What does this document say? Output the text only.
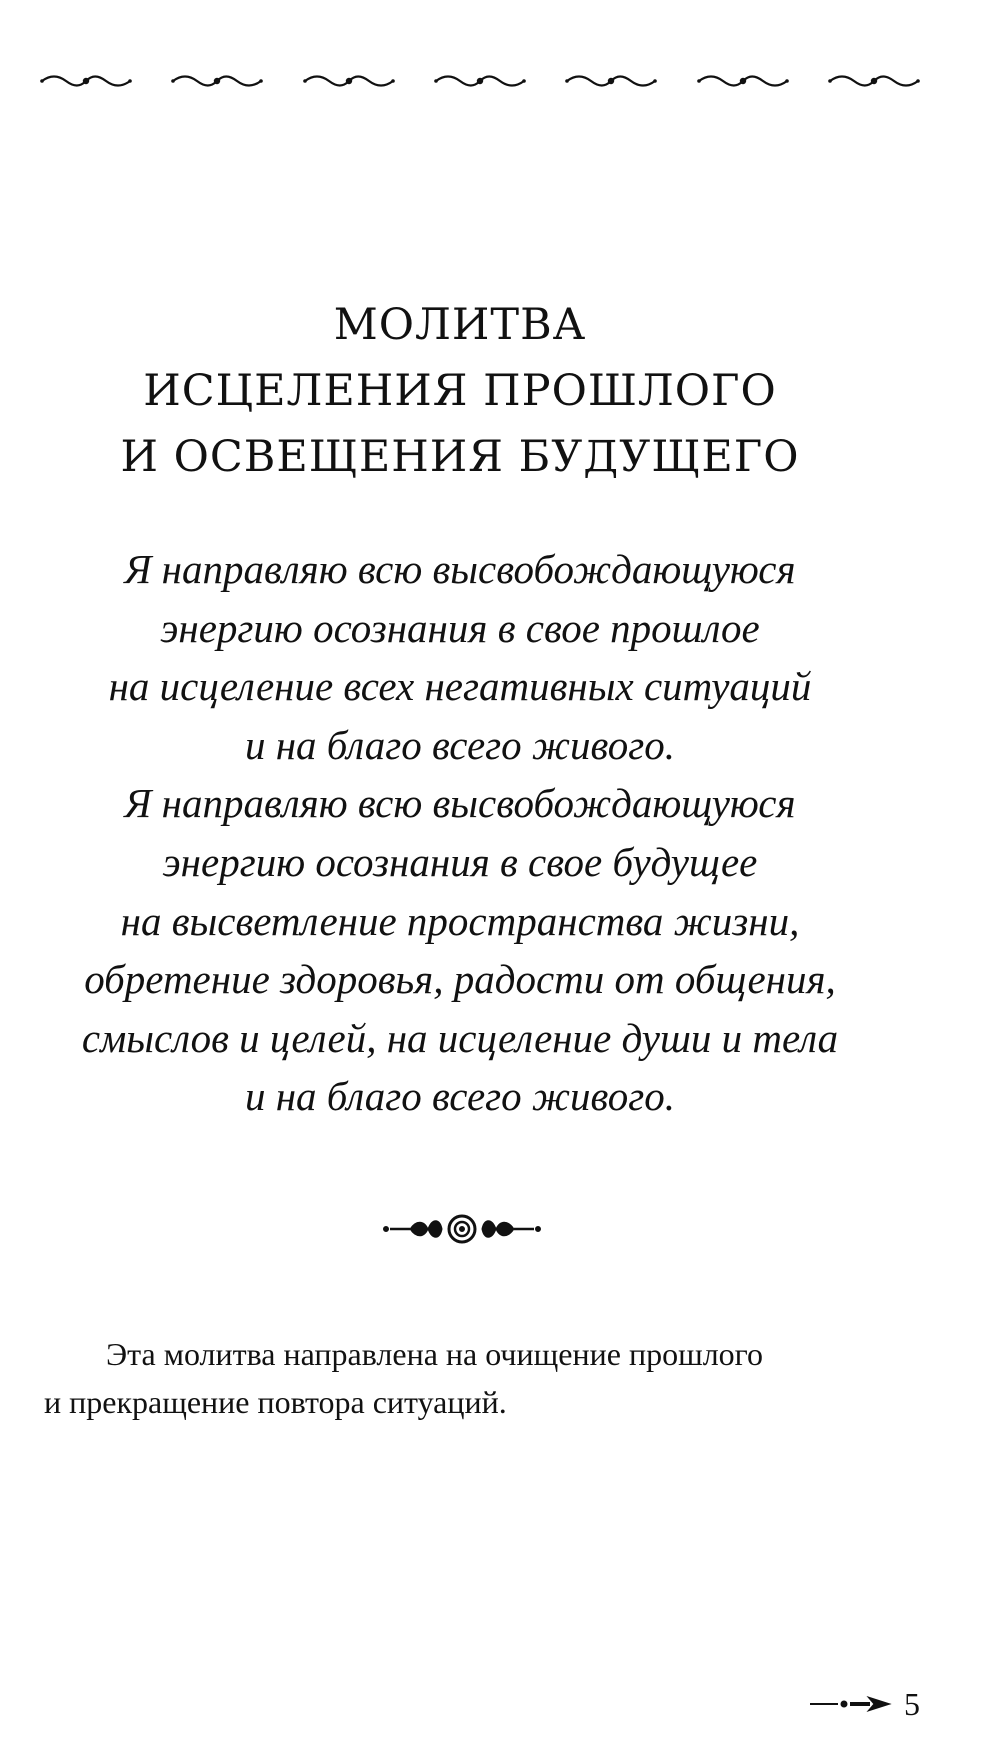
МОЛИТВА
ИСЦЕЛЕНИЯ ПРОШЛОГО
И ОСВЕЩЕНИЯ БУДУЩЕГО
Я направляю всю высвобождающуюся
энергию осознания в свое прошлое
на исцеление всех негативных ситуаций
и на благо всего живого.
Я направляю всю высвобождающуюся
энергию осознания в свое будущее
на высветление пространства жизни,
обретение здоровья, радости от общения,
смыслов и целей, на исцеление души и тела
и на благо всего живого.
Эта молитва направлена на очищение прошлого
и прекращение повтора ситуаций.
5
